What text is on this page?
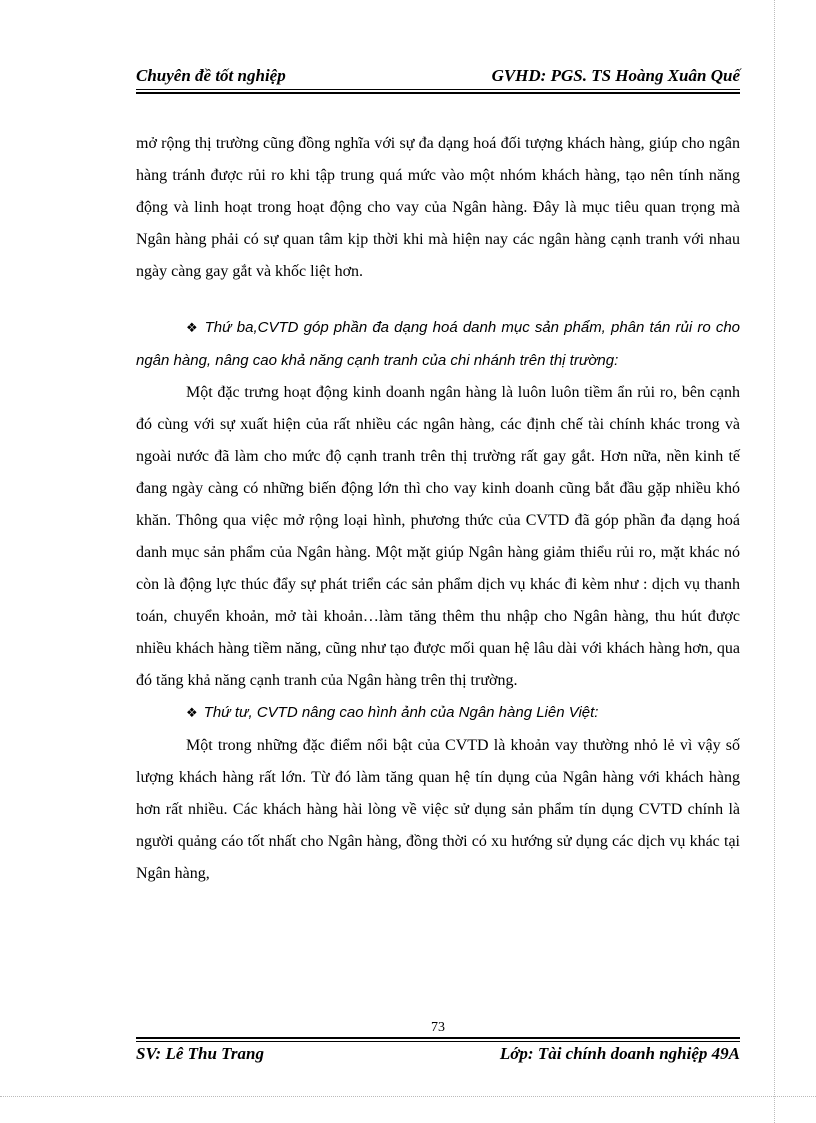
Chuyên đề tốt nghiệp	GVHD: PGS. TS Hoàng Xuân Quế

mở rộng thị trường cũng đồng nghĩa với sự đa dạng hoá đối tượng khách hàng, giúp cho ngân hàng tránh được rủi ro khi tập trung quá mức vào một nhóm khách hàng, tạo nên tính năng động và linh hoạt trong hoạt động cho vay của Ngân hàng. Đây là mục tiêu quan trọng mà Ngân hàng phải có sự quan tâm kịp thời khi mà hiện nay các ngân hàng cạnh tranh với nhau ngày càng gay gắt và khốc liệt hơn.

❖ Thứ ba,CVTD góp phần đa dạng hoá danh mục sản phẩm, phân tán rủi ro cho ngân hàng, nâng cao khả năng cạnh tranh của chi nhánh trên thị trường:

Một đặc trưng hoạt động kinh doanh ngân hàng là luôn luôn tiềm ẩn rủi ro, bên cạnh đó cùng với sự xuất hiện của rất nhiều các ngân hàng, các định chế tài chính khác trong và ngoài nước đã làm cho mức độ cạnh tranh trên thị trường rất gay gắt. Hơn nữa, nền kinh tế đang ngày càng có những biến động lớn thì cho vay kinh doanh cũng bắt đầu gặp nhiều khó khăn. Thông qua việc mở rộng loại hình, phương thức của CVTD đã góp phần đa dạng hoá danh mục sản phẩm của Ngân hàng. Một mặt giúp Ngân hàng giảm thiểu rủi ro, mặt khác nó còn là động lực thúc đẩy sự phát triển các sản phẩm dịch vụ khác đi kèm như : dịch vụ thanh toán, chuyển khoản, mở tài khoản…làm tăng thêm thu nhập cho Ngân hàng, thu hút được nhiều khách hàng tiềm năng, cũng như tạo được mối quan hệ lâu dài với khách hàng hơn, qua đó tăng khả năng cạnh tranh của Ngân hàng trên thị trường.

❖ Thứ tư, CVTD nâng cao hình ảnh của Ngân hàng Liên Việt:

Một trong những đặc điểm nổi bật của CVTD là khoản vay thường nhỏ lẻ vì vậy số lượng khách hàng rất lớn. Từ đó làm tăng quan hệ tín dụng của Ngân hàng với khách hàng hơn rất nhiều. Các khách hàng hài lòng về việc sử dụng sản phẩm tín dụng CVTD chính là người quảng cáo tốt nhất cho Ngân hàng, đồng thời có xu hướng sử dụng các dịch vụ khác tại Ngân hàng,

73
SV: Lê Thu Trang	Lớp: Tài chính doanh nghiệp 49A
